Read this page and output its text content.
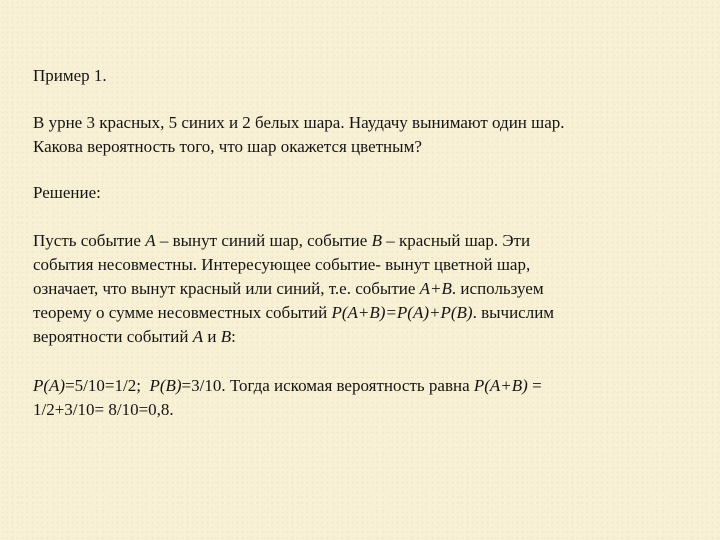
Пример 1.

В урне 3 красных, 5 синих и 2 белых шара. Наудачу вынимают один шар.
Какова вероятность того, что шар окажется цветным?

Решение:

Пусть событие А – вынут синий шар, событие В – красный шар. Эти
события несовместны. Интересующее событие- вынут цветной шар,
означает, что вынут красный или синий, т.е. событие А+В. используем
теорему о сумме несовместных событий Р(А+В)=Р(А)+Р(В). вычислим
вероятности событий А и В:

P(A)=5/10=1/2; P(B)=3/10. Тогда искомая вероятность равна P(A+B) =
1/2+3/10= 8/10=0,8.
